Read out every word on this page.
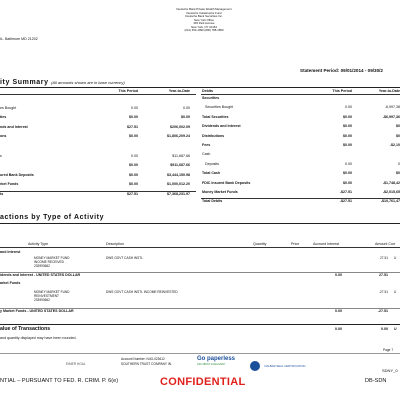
Deutsche Bank Private Wealth Management
Deutsche Catastrophe Fund
Deutsche Bank Securities Inc.
New York Office
345 Park Avenue
New York, NY 10154
(212) 454-1990 (800) 788-1850
IL. Baltimore MD 21202
Statement Period: 09/01/2014 - 09/30/2
ity Summary (All amounts shown are in base currency)
This Period	Year-to-Date	Debits	This Period	Year-to-Date
es Bought	0.00	0.00
ties	$0.00	$0.00
nds and Interest	$27.51	$206,002.09
ons	$0.00	$1,806,209.24
s	0.00	$11,687.66
$0.00	$911,687.66
ured Bank Deposits	$0.00	$3,444,150.98
rket Funds	$0.00	$1,000,012.20
ts	$27.51	$7,368,231.97
Securities
Securities Bought	0.00	-6,997,38
Total Securities	$0.00	-$6,997,36
Dividends and Interest	$0.00	$0
Distributions	$0.00	$0
Fees	$0.00	-$2,10
Cash
Deposits	0.00	0
Total Cash	$0.00	$0
FDIC Insured Bank Deposits	$0.00	-$1,748,42
Money Market Funds	-$27.51	-$2,015,65
Total Debits	-$27.51	-$10,761,47
actions by Type of Activity
Activity Type	Description	Quantity	Price	Accrued Interest	Amount Curr
and Interest
MONEY MARKET FUND
INCOME RECEIVED
233993662
DWS GOVT CASH INSTL	27.51 U
idends and Interest - UNITED STATES DOLLAR	0.00	27.51
arket Funds
MONEY MARKET FUND
REINVESTMENT
233993662
DWS GOVT CASH INSTL INCOME REINVESTED	-27.51 U
y Market Funds - UNITED STATES DOLLAR	0.00	-27.51
alue of Transactions	0.00	0.00 U
and quantity displayed may have been rounded.
Page 7
EIMER HGAL
Account Number: N4G-023612
SOUTHERN TRUST COMPANY IN.
Go paperless
ASK ABOUT E-DELIVERY	DALBAR SEAL CERTIFICATION
SDNY_0
NTIAL – PURSUANT TO FED. R. CRIM. P. 6(e)	CONFIDENTIAL	DB-SDN
